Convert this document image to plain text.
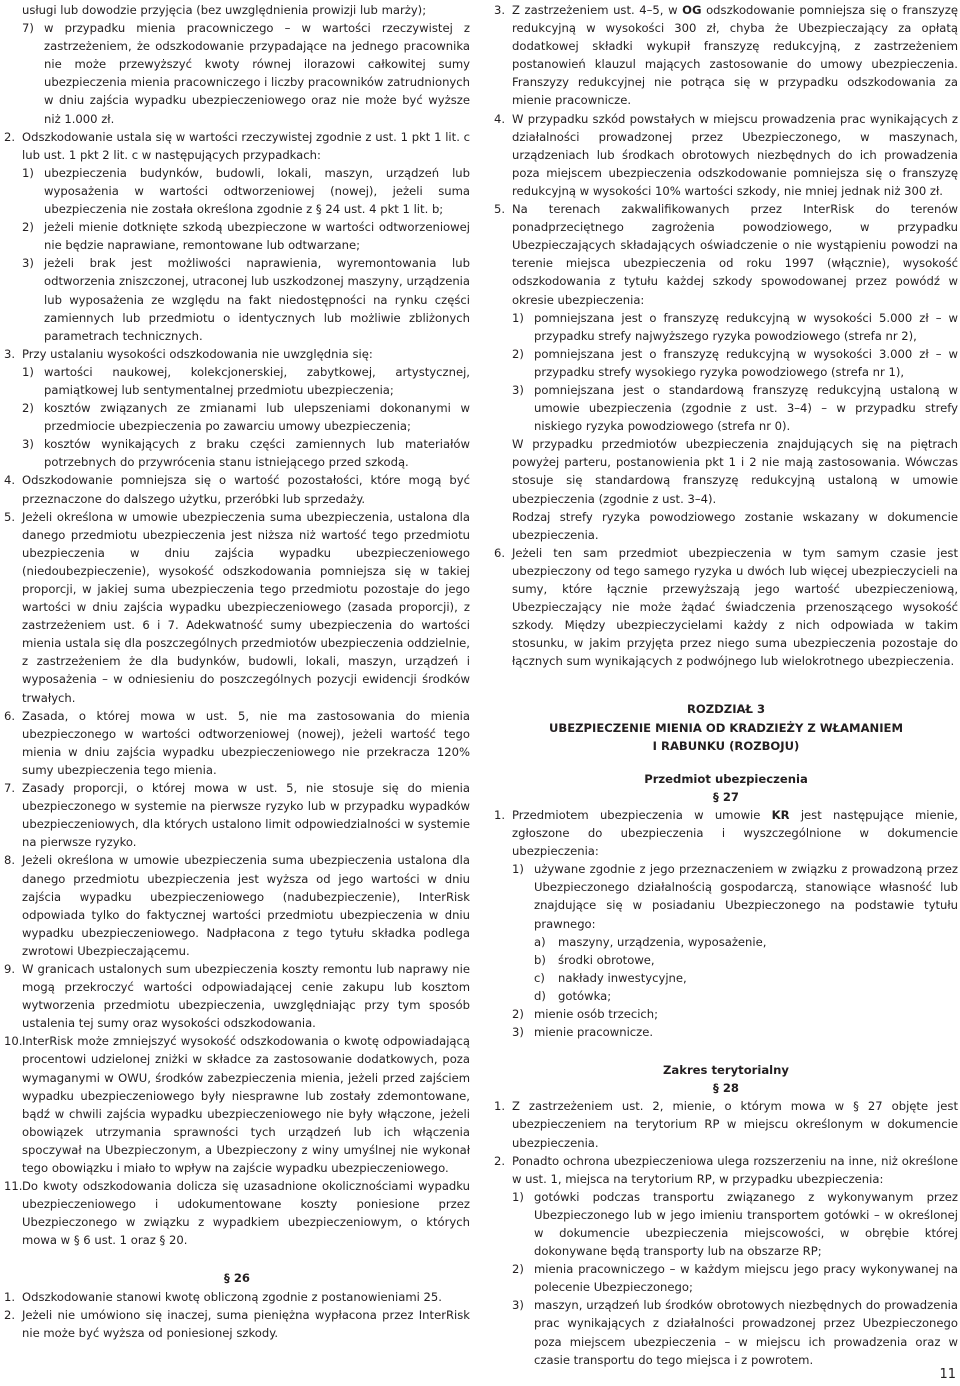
usługi lub dowodzie przyjęcia (bez uwzględnienia prowizji lub marży);

7) w przypadku mienia pracowniczego – w wartości rzeczywistej z zastrzeżeniem, że odszkodowanie przypadające na jednego pracownika nie może przewyższyć kwoty równej ilorazowi całkowitej sumy ubezpieczenia mienia pracowniczego i liczby pracowników zatrudnionych w dniu zajścia wypadku ubezpieczeniowego oraz nie może być wyższe niż 1.000 zł.
2. Odszkodowanie ustala się w wartości rzeczywistej zgodnie z ust. 1 pkt 1 lit. c lub ust. 1 pkt 2 lit. c w następujących przypadkach:
1) ubezpieczenia budynków, budowli, lokali, maszyn, urządzeń lub wyposażenia w wartości odtworzeniowej (nowej), jeżeli suma ubezpieczenia nie została określona zgodnie z § 24 ust. 4 pkt 1 lit. b;
2) jeżeli mienie dotknięte szkodą ubezpieczone w wartości odtworzeniowej nie będzie naprawiane, remontowane lub odtwarzane;
3) jeżeli brak jest możliwości naprawienia, wyremontowania lub odtworzenia zniszczonej, utraconej lub uszkodzonej maszyny, urządzenia lub wyposażenia ze względu na fakt niedostępności na rynku części zamiennych lub przedmiotu o identycznych lub możliwie zbliżonych parametrach technicznych.
3. Przy ustalaniu wysokości odszkodowania nie uwzględnia się:
1) wartości naukowej, kolekcjonerskiej, zabytkowej, artystycznej, pamiątkowej lub sentymentalnej przedmiotu ubezpieczenia;
2) kosztów związanych ze zmianami lub ulepszeniami dokonanymi w przedmiocie ubezpieczenia po zawarciu umowy ubezpieczenia;
3) kosztów wynikających z braku części zamiennych lub materiałów potrzebnych do przywrócenia stanu istniejącego przed szkodą.
4. Odszkodowanie pomniejsza się o wartość pozostałości, które mogą być przeznaczone do dalszego użytku, przeróbki lub sprzedaży.
5. Jeżeli określona w umowie ubezpieczenia suma ubezpieczenia, ustalona dla danego przedmiotu ubezpieczenia jest niższa niż wartość tego przedmiotu ubezpieczenia w dniu zajścia wypadku ubezpieczeniowego (niedoubezpieczenie), wysokość odszkodowania pomniejsza się w takiej proporcji, w jakiej suma ubezpieczenia tego przedmiotu pozostaje do jego wartości w dniu zajścia wypadku ubezpieczeniowego (zasada proporcji), z zastrzeżeniem ust. 6 i 7. Adekwatność sumy ubezpieczenia do wartości mienia ustala się dla poszczególnych przedmiotów ubezpieczenia oddzielnie, z zastrzeżeniem że dla budynków, budowli, lokali, maszyn, urządzeń i wyposażenia – w odniesieniu do poszczególnych pozycji ewidencji środków trwałych.
6. Zasada, o której mowa w ust. 5, nie ma zastosowania do mienia ubezpieczonego w wartości odtworzeniowej (nowej), jeżeli wartość tego mienia w dniu zajścia wypadku ubezpieczeniowego nie przekracza 120% sumy ubezpieczenia tego mienia.
7. Zasady proporcji, o której mowa w ust. 5, nie stosuje się do mienia ubezpieczonego w systemie na pierwsze ryzyko lub w przypadku wypadków ubezpieczeniowych, dla których ustalono limit odpowiedzialności w systemie na pierwsze ryzyko.
8. Jeżeli określona w umowie ubezpieczenia suma ubezpieczenia ustalona dla danego przedmiotu ubezpieczenia jest wyższa od jego wartości w dniu zajścia wypadku ubezpieczeniowego (nadubezpieczenie), InterRisk odpowiada tylko do faktycznej wartości przedmiotu ubezpieczenia w dniu wypadku ubezpieczeniowego. Nadpłacona z tego tytułu składka podlega zwrotowi Ubezpieczającemu.
9. W granicach ustalonych sum ubezpieczenia koszty remontu lub naprawy nie mogą przekroczyć wartości odpowiadającej cenie zakupu lub kosztom wytworzenia przedmiotu ubezpieczenia, uwzględniając przy tym sposób ustalenia tej sumy oraz wysokości odszkodowania.
10. InterRisk może zmniejszyć wysokość odszkodowania o kwotę odpowiadającą procentowi udzielonej zniżki w składce za zastosowanie dodatkowych, poza wymaganymi w OWU, środków zabezpieczenia mienia, jeżeli przed zajściem wypadku ubezpieczeniowego były niesprawne lub zostały zdemontowane, bądź w chwili zajścia wypadku ubezpieczeniowego nie były włączone, jeżeli obowiązek utrzymania sprawności tych urządzeń lub ich włączenia spoczywał na Ubezpieczonym, a Ubezpieczony z winy umyślnej nie wykonał tego obowiązku i miało to wpływ na zajście wypadku ubezpieczeniowego.
11. Do kwoty odszkodowania dolicza się uzasadnione okolicznościami wypadku ubezpieczeniowego i udokumentowane koszty poniesione przez Ubezpieczonego w związku z wypadkiem ubezpieczeniowym, o których mowa w § 6 ust. 1 oraz § 20.

§ 26

1. Odszkodowanie stanowi kwotę obliczoną zgodnie z postanowieniami 25.
2. Jeżeli nie umówiono się inaczej, suma pieniężna wypłacona przez InterRisk nie może być wyższa od poniesionej szkody.
3. Z zastrzeżeniem ust. 4–5, w OG odszkodowanie pomniejsza się o franszyzę redukcyjną w wysokości 300 zł, chyba że Ubezpieczający za opłatą dodatkowej składki wykupił franszyzę redukcyjną, z zastrzeżeniem postanowień klauzul mających zastosowanie do umowy ubezpieczenia. Franszyzy redukcyjnej nie potrąca się w przypadku odszkodowania za mienie pracownicze.
4. W przypadku szkód powstałych w miejscu prowadzenia prac wynikających z działalności prowadzonej przez Ubezpieczonego, w maszynach, urządzeniach lub środkach obrotowych niezbędnych do ich prowadzenia poza miejscem ubezpieczenia odszkodowanie pomniejsza się o franszyzę redukcyjną w wysokości 10% wartości szkody, nie mniej jednak niż 300 zł.
5. Na terenach zakwalifikowanych przez InterRisk do terenów ponadprzeciętnego zagrożenia powodziowego, w przypadku Ubezpieczających składających oświadczenie o nie wystąpieniu powodzi na terenie miejsca ubezpieczenia od roku 1997 (włącznie), wysokość odszkodowania z tytułu każdej szkody spowodowanej przez powódź w okresie ubezpieczenia:
1) pomniejszana jest o franszyzę redukcyjną w wysokości 5.000 zł – w przypadku strefy najwyższego ryzyka powodziowego (strefa nr 2),
2) pomniejszana jest o franszyzę redukcyjną w wysokości 3.000 zł – w przypadku strefy wysokiego ryzyka powodziowego (strefa nr 1),
3) pomniejszana jest o standardową franszyzę redukcyjną ustaloną w umowie ubezpieczenia (zgodnie z ust. 3–4) – w przypadku strefy niskiego ryzyka powodziowego (strefa nr 0).

W przypadku przedmiotów ubezpieczenia znajdujących się na piętrach powyżej parteru, postanowienia pkt 1 i 2 nie mają zastosowania. Wówczas stosuje się standardową franszyzę redukcyjną ustaloną w umowie ubezpieczenia (zgodnie z ust. 3–4).

Rodzaj strefy ryzyka powodziowego zostanie wskazany w dokumencie ubezpieczenia.

6. Jeżeli ten sam przedmiot ubezpieczenia w tym samym czasie jest ubezpieczony od tego samego ryzyka u dwóch lub więcej ubezpieczycieli na sumy, które łącznie przewyższają jego wartość ubezpieczeniową, Ubezpieczający nie może żądać świadczenia przenoszącego wysokość szkody. Między ubezpieczycielami każdy z nich odpowiada w takim stosunku, w jakim przyjęta przez niego suma ubezpieczenia pozostaje do łącznych sum wynikających z podwójnego lub wielokrotnego ubezpieczenia.

ROZDZIAŁ 3

UBEZPIECZENIE MIENIA OD KRADZIEŻY Z WŁAMANIEM

I RABUNKU (ROZBOJU)

Przedmiot ubezpieczenia

§ 27

1. Przedmiotem ubezpieczenia w umowie KR jest następujące mienie, zgłoszone do ubezpieczenia i wyszczególnione w dokumencie ubezpieczenia:
1) używane zgodnie z jego przeznaczeniem w związku z prowadzoną przez Ubezpieczonego działalnością gospodarczą, stanowiące własność lub znajdujące się w posiadaniu Ubezpieczonego na podstawie tytułu prawnego:
a)	maszyny, urządzenia, wyposażenie,
b)	środki obrotowe,
c)	nakłady inwestycyjne,
d)	gotówka;
2) mienie osób trzecich;
3) mienie pracownicze.

Zakres terytorialny

§ 28

1. Z zastrzeżeniem ust. 2, mienie, o którym mowa w § 27 objęte jest ubezpieczeniem na terytorium RP w miejscu określonym w dokumencie ubezpieczenia.
2. Ponadto ochrona ubezpieczeniowa ulega rozszerzeniu na inne, niż określone w ust. 1, miejsca na terytorium RP, w przypadku ubezpieczenia:
1) gotówki podczas transportu związanego z wykonywanym przez Ubezpieczonego lub w jego imieniu transportem gotówki – w określonej w dokumencie ubezpieczenia miejscowości, w obrębie której dokonywane będą transporty lub na obszarze RP;
2) mienia pracowniczego – w każdym miejscu jego pracy wykonywanej na polecenie Ubezpieczonego;
3) maszyn, urządzeń lub środków obrotowych niezbędnych do prowadzenia prac wynikających z działalności prowadzonej przez Ubezpieczonego poza miejscem ubezpieczenia – w miejscu ich prowadzenia oraz w czasie transportu do tego miejsca i z powrotem.
11
